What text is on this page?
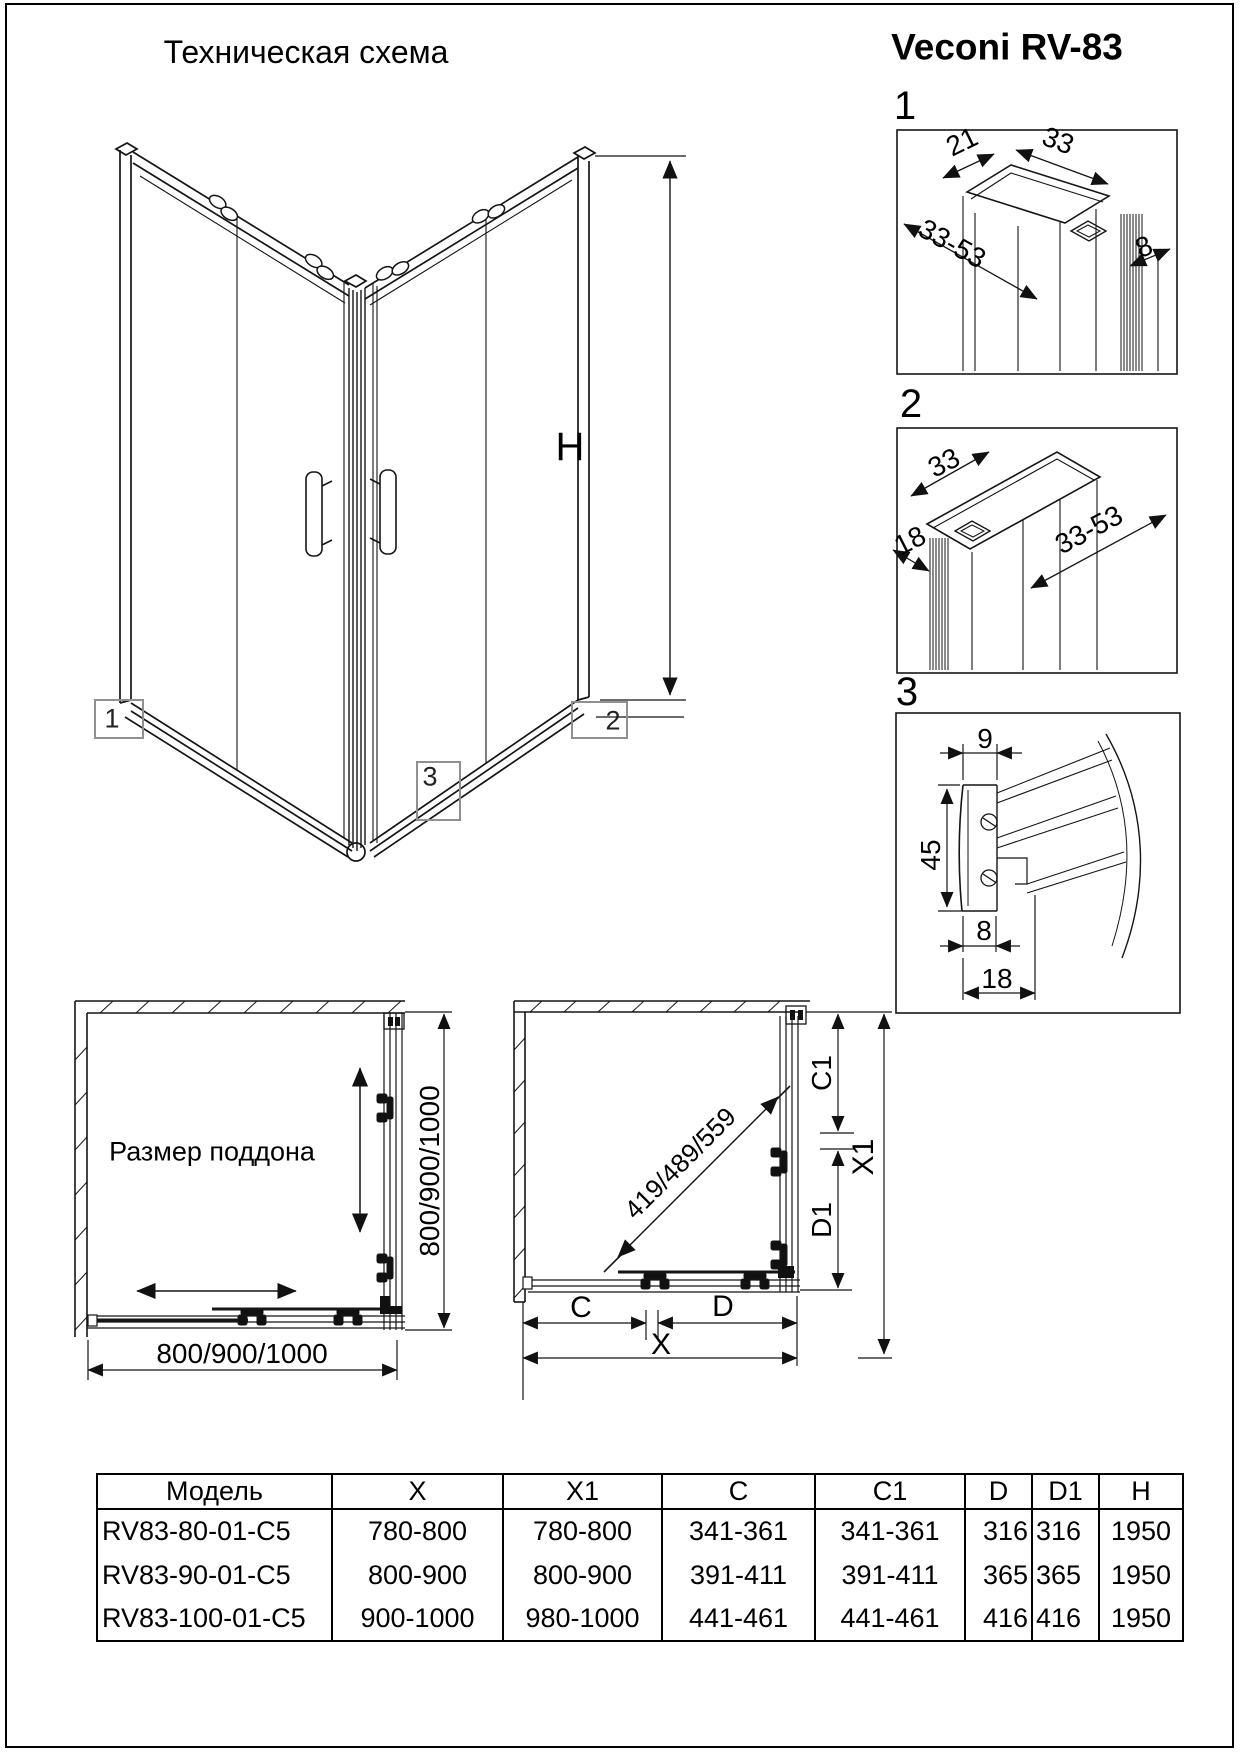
Техническая схема	Veconi RV-83
1
2
3
H
1	2
3
21 33
33-53	8
33
18	33-53
9
45
8
18
Размер поддона
800/900/1000
800/900/1000	419/489/559
C1
D1
X1
C	D
X
Модель	X	X1	C	C1	D	D1	H
RV83-80-01-C5	780-800	780-800	341-361	341-361	316	316	1950
RV83-90-01-C5	800-900	800-900	391-411	391-411	365	365	1950
RV83-100-01-C5	900-1000	980-1000	441-461	441-461	416	416	1950
